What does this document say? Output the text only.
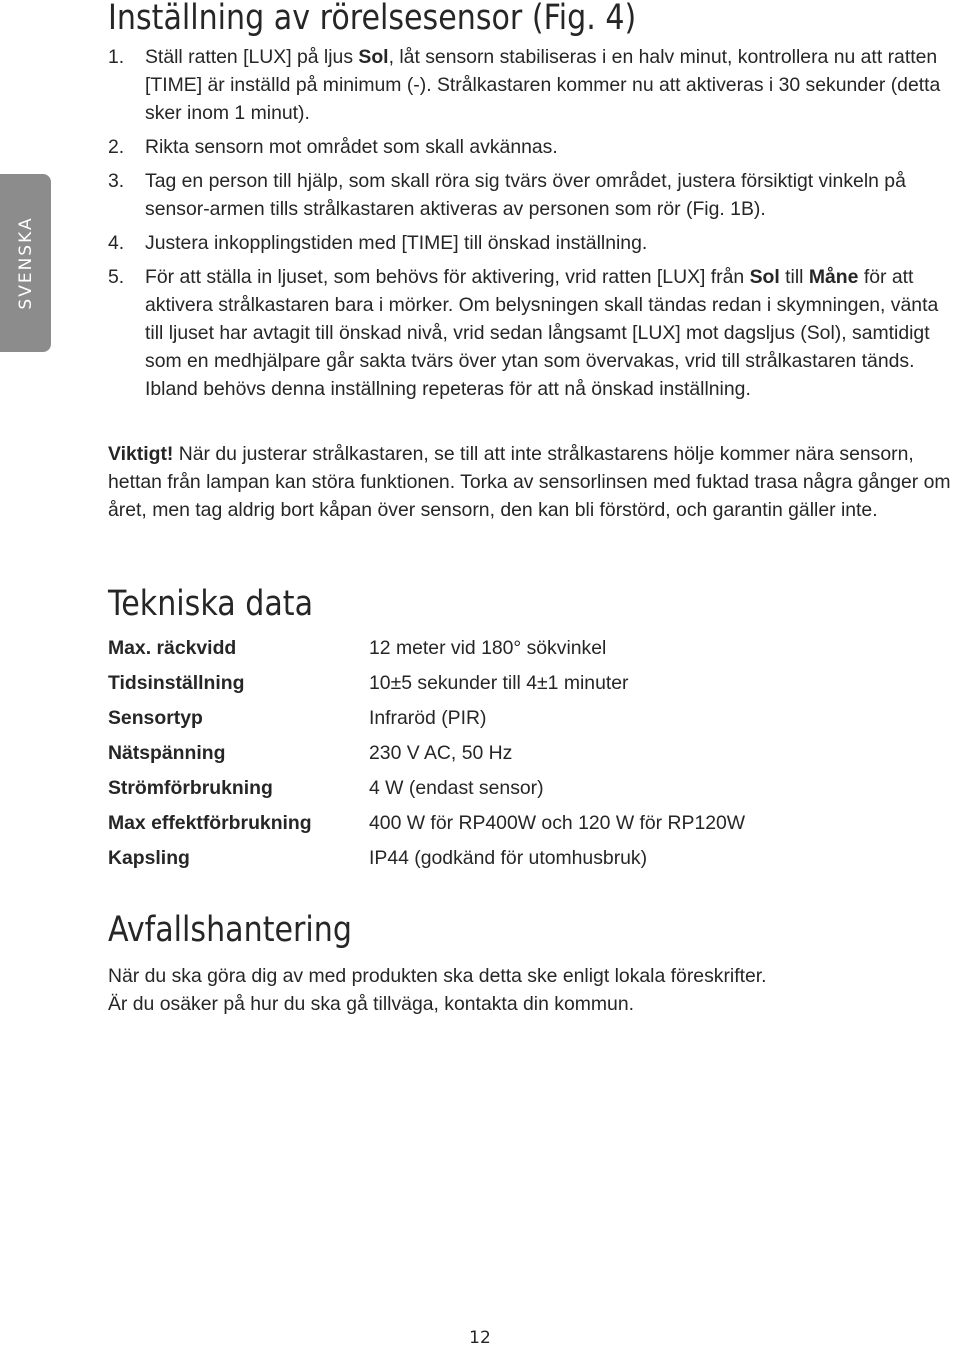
SVENSKA
Inställning av rörelsesensor (Fig. 4)
1. Ställ ratten [LUX] på ljus Sol, låt sensorn stabiliseras i en halv minut, kontrollera nu att ratten [TIME] är inställd på minimum (-). Strålkastaren kommer nu att aktiveras i 30 sekunder (detta sker inom 1 minut).
2. Rikta sensorn mot området som skall avkännas.
3. Tag en person till hjälp, som skall röra sig tvärs över området, justera försiktigt vinkeln på sensor-armen tills strålkastaren aktiveras av personen som rör (Fig. 1B).
4. Justera inkopplingstiden med [TIME] till önskad inställning.
5. För att ställa in ljuset, som behövs för aktivering, vrid ratten [LUX] från Sol till Måne för att aktivera strålkastaren bara i mörker. Om belysningen skall tändas redan i skymningen, vänta till ljuset har avtagit till önskad nivå, vrid sedan långsamt [LUX] mot dagsljus (Sol), samtidigt som en medhjälpare går sakta tvärs över ytan som övervakas, vrid till strålkastaren tänds. Ibland behövs denna inställning repeteras för att nå önskad inställning.

Viktigt! När du justerar strålkastaren, se till att inte strålkastarens hölje kommer nära sensorn, hettan från lampan kan störa funktionen. Torka av sensorlinsen med fuktad trasa några gånger om året, men tag aldrig bort kåpan över sensorn, den kan bli förstörd, och garantin gäller inte.

Tekniska data
Max. räckvidd	12 meter vid 180° sökvinkel
Tidsinställning	10±5 sekunder till 4±1 minuter
Sensortyp	Infraröd (PIR)
Nätspänning	230 V AC, 50 Hz
Strömförbrukning	4 W (endast sensor)
Max effektförbrukning	400 W för RP400W och 120 W för RP120W
Kapsling	IP44 (godkänd för utomhusbruk)
Avfallshantering
När du ska göra dig av med produkten ska detta ske enligt lokala föreskrifter.
Är du osäker på hur du ska gå tillväga, kontakta din kommun.
12
